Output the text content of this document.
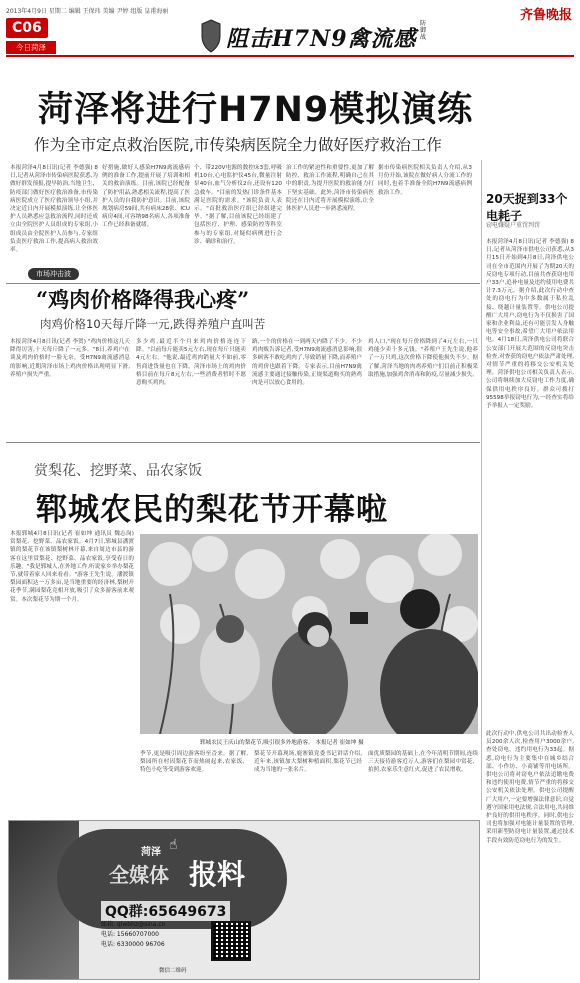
2013年4月9日 星期二 编辑 王保玮 美编 尹婷 组版 皇甫海丽	齐鲁晚报
C06
今日菏泽	阻击H7N9禽流感
防御战
菏泽将进行H7N9模拟演练
作为全市定点救治医院,市传染病医院全力做好医疗救治工作
本报菏泽4月8日讯(记者 李德强) 8日,记者从菏泽市传染病医院获悉,为做好群发预报,提早防治,当地卫生、防疫部门做好医疗救治准备,市传染病医院成立了医疗救治领导小组,并决定近日内开展模拟演练,让全体医护人员熟悉应急救治流程,同时还成立由全院医护人员组成的专家组,小组成员由全院医护人员参与,专家组负责医疗救治工作,提高病人救治效率。
好措施,做好人感染H7N9禽流感病例的准备工作,提前开展了培训和相关的救治演练。目前,该院已经配备了防护用品,熟悉相关流程,提高了医护人员的自我防护意识。目前,该院规划病房59间,共有病床28张、ICU病房4间,可容纳98名病人,各项准备工作已经准备就绪。
个、带220V电源的数控床3套,呼吸机10台,心电监护仪45台,微量注射泵40台,血气分析仪2台,还设有120急救车。"目前的发热门诊条件基本满足医院的需求。"该院负责人表示。"首批救治医疗组已经组建完毕。"据了解,目前该院已经组建了包括医疗、护理、感染防控等科室参与的专家组,对疑似病例进行会诊、确诊和治疗。
治工作的紧迫性和重要性,更加了解防控、救治工作流程,明确自己在其中的职责,为提升医院的救治能力打下坚实基础。此外,菏泽市传染病医院还在日内近将开展模拟演练,让全体医护人员进一步熟悉流程。
据市传染病医院相关负责人介绍,从3月份开始,该院在做好病人分流工作的同时,也着手准备全院H7N9流感病例救治工作。	20天捉到33个电耗子
窃电嫌疑户重罚判罚
本报菏泽4月8日讯(记者 李德强) 8日,记者从菏泽市供电公司获悉,从3月15日开始到4月8日,菏泽供电公司在全市范围内开展了为期20天的反窃电专项行动,目前共查获窃电用户33户,追补电量及违约使用电费共计7.3万元。据介绍,此次行动中查处的窃电行为中多数属于私拉乱接、绕越计量装置等。供电公司提醒广大用户,窃电行为不仅损害了国家和企业利益,还有可能引发人身触电等安全事故,希望广大用户依法用电。4月18日,菏泽供电公司将联合公安部门开展大范围的反窃电突击检查,对查获的窃电户依法严肃处理,对情节严重的将移交公安机关处理。菏泽供电公司相关负责人表示,公司将继续加大反窃电工作力度,确保供用电秩序良好。群众可拨打95598举报窃电行为,一经查实将给予举报人一定奖励。
市场冲击波
“鸡肉价格降得我心疼”
肉鸡价格10天每斤降一元,跌得养殖户直叫苦
本报菏泽4月8日讯(记者 李贺) "鸡肉价格这几天降得厉害,十天每斤降了一元多。"8日,养鸡户在谈及鸡肉价格时一脸无奈。受H7N9禽流感消息的影响,近期菏泽市场上鸡肉价格出现明显下滑,养殖户损失严重。
多少鸡,最近半个月来鸡肉价格连连下降。"以前每斤能卖5元左右,现在每斤只能卖4元左右。"他说,最近鸡肉销量大不如前,零售商进货量也在下降。菏泽市场上的鸡肉价格目前在每斤8元左右,一些消费者暂时不愿意购买鸡肉。
路,一个的价格在一到两天内降了不少。不少鸡肉贩告诉记者,受H7N9禽流感消息影响,很多顾客不敢吃鸡肉了,导致销量下降,而养殖户的鸡价也跟着下降。专家表示,目前H7N9禽流感主要通过接触传染,正规渠道购买的熟鸡肉是可以放心食用的。
鸡人口,"现在每斤价格降到了4元左右,一只鸡能少卖十多元钱。"养殖户王先生说,他养了一万只鸡,这次价格下降使他损失不少。据了解,菏泽当地的肉鸡养殖户们目前正积极采取措施,加强鸡舍消毒和防疫,尽量减少损失。
赏梨花、挖野菜、品农家饭
郓城农民的梨花节开幕啦
本报郓城4月8日讯(记者 崔如坤 通讯员 魏志岗) 赏梨花、挖野菜、品农家饭。4月7日,郓城县潘渡镇的梨花节在该镇梨树林开幕,来自周边市县的游客在这里赏梨花、挖野菜、品农家饭,享受春日的乐趣。"我是郓城人,在外地工作,听说家乡举办梨花节,就带着家人回来看看。"游客王先生说。潘渡镇梨园面积达一万多亩,是当地重要的经济林,梨树开花季节,满园梨花竞相开放,吸引了众多游客前来观赏。本次梨花节为期一个月。
郓城农民王庆山的梨花节,吸引很多外地游客。 本报记者 崔如坤 摄
季节,更是吸引周边游客纷至沓来。据了解,梨园所在村因梨花节而热闹起来,农家饭、特色小吃等受到游客欢迎。
梨花节开幕现场,鹿寨镇党委书记讲话介绍,近年来,该镇加大梨树种植面积,梨花节已经成为当地的一张名片。
面优质梨园的基础上,在今年清明节期间,连续三天接待游客近万人,游客们在梨园中赏花、拍照,农家乐生意红火,促进了农民增收。
此次行动中,供电公司共出动检查人员200余人次,检查用户3000余户,查处窃电、违约用电行为33起。据悉,窃电行为主要集中在城乡结合部、小作坊、小商铺等用电场所。供电公司将对窃电户依法追缴电费和违约使用电费,情节严重的将移交公安机关依法处理。供电公司提醒广大用户,一定要增强法律意识,自觉遵守国家用电法规,合法用电,共同维护良好的供用电秩序。同时,供电公司也将加强对电能计量装置的管理,采用新型防窃电计量装置,通过技术手段有效防范窃电行为的发生。
菏泽 ☝
全媒体 报料
QQ群:65649673
邮箱: qlwbhz@sina.cn
电话: 15660707000
电话: 6330000 96706
微信二维码
